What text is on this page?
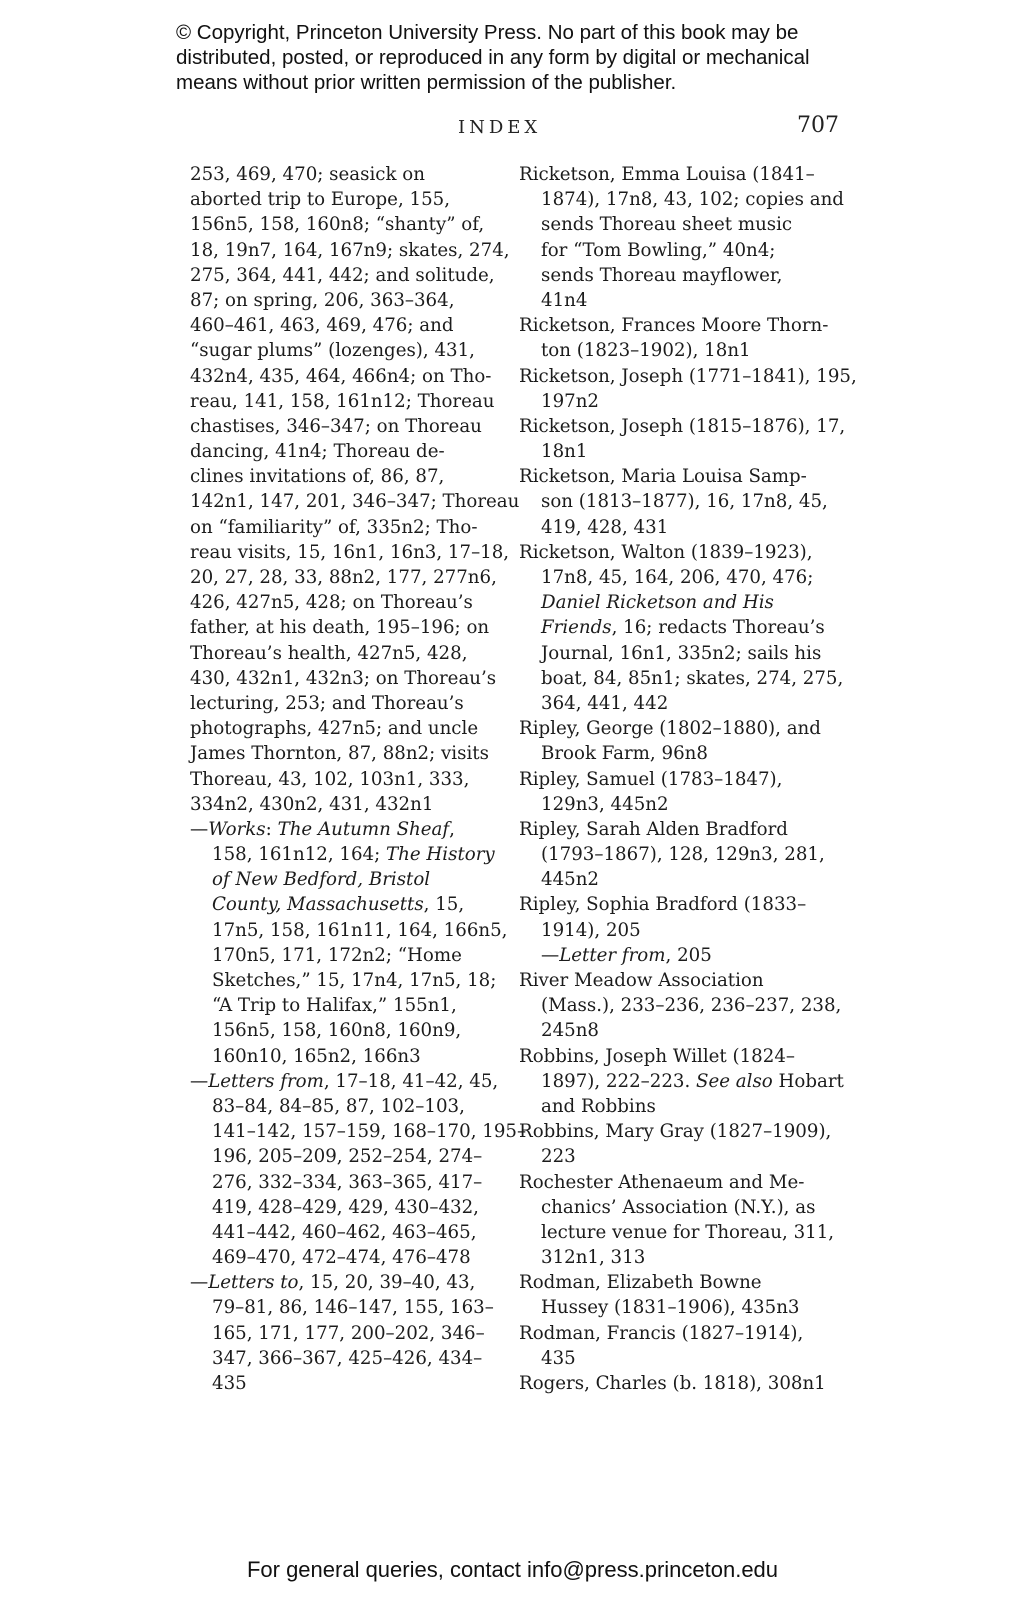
© Copyright, Princeton University Press. No part of this book may be
distributed, posted, or reproduced in any form by digital or mechanical
means without prior written permission of the publisher.
INDEX	707
253, 469, 470; seasick on
aborted trip to Europe, 155,
156n5, 158, 160n8; “shanty” of,
18, 19n7, 164, 167n9; skates, 274,
275, 364, 441, 442; and solitude,
87; on spring, 206, 363–364,
460–461, 463, 469, 476; and
“sugar plums” (lozenges), 431,
432n4, 435, 464, 466n4; on Tho-
reau, 141, 158, 161n12; Thoreau
chastises, 346–347; on Thoreau
dancing, 41n4; Thoreau de-
clines invitations of, 86, 87,
142n1, 147, 201, 346–347; Thoreau
on “familiarity” of, 335n2; Tho-
reau visits, 15, 16n1, 16n3, 17–18,
20, 27, 28, 33, 88n2, 177, 277n6,
426, 427n5, 428; on Thoreau’s
father, at his death, 195–196; on
Thoreau’s health, 427n5, 428,
430, 432n1, 432n3; on Thoreau’s
lecturing, 253; and Thoreau’s
photographs, 427n5; and uncle
James Thornton, 87, 88n2; visits
Thoreau, 43, 102, 103n1, 333,
334n2, 430n2, 431, 432n1
—Works: The Autumn Sheaf,
158, 161n12, 164; The History
of New Bedford, Bristol
County, Massachusetts, 15,
17n5, 158, 161n11, 164, 166n5,
170n5, 171, 172n2; “Home
Sketches,” 15, 17n4, 17n5, 18;
“A Trip to Halifax,” 155n1,
156n5, 158, 160n8, 160n9,
160n10, 165n2, 166n3
—Letters from, 17–18, 41–42, 45,
83–84, 84–85, 87, 102–103,
141–142, 157–159, 168–170, 195–
196, 205–209, 252–254, 274–
276, 332–334, 363–365, 417–
419, 428–429, 429, 430–432,
441–442, 460–462, 463–465,
469–470, 472–474, 476–478
—Letters to, 15, 20, 39–40, 43,
79–81, 86, 146–147, 155, 163–
165, 171, 177, 200–202, 346–
347, 366–367, 425–426, 434–
435
Ricketson, Emma Louisa (1841–
1874), 17n8, 43, 102; copies and
sends Thoreau sheet music
for “Tom Bowling,” 40n4;
sends Thoreau mayflower,
41n4
Ricketson, Frances Moore Thorn-
ton (1823–1902), 18n1
Ricketson, Joseph (1771–1841), 195,
197n2
Ricketson, Joseph (1815–1876), 17,
18n1
Ricketson, Maria Louisa Samp-
son (1813–1877), 16, 17n8, 45,
419, 428, 431
Ricketson, Walton (1839–1923),
17n8, 45, 164, 206, 470, 476;
Daniel Ricketson and His
Friends, 16; redacts Thoreau’s
Journal, 16n1, 335n2; sails his
boat, 84, 85n1; skates, 274, 275,
364, 441, 442
Ripley, George (1802–1880), and
Brook Farm, 96n8
Ripley, Samuel (1783–1847),
129n3, 445n2
Ripley, Sarah Alden Bradford
(1793–1867), 128, 129n3, 281,
445n2
Ripley, Sophia Bradford (1833–
1914), 205
—Letter from, 205
River Meadow Association
(Mass.), 233–236, 236–237, 238,
245n8
Robbins, Joseph Willet (1824–
1897), 222–223. See also Hobart
and Robbins
Robbins, Mary Gray (1827–1909),
223
Rochester Athenaeum and Me-
chanics’ Association (N.Y.), as
lecture venue for Thoreau, 311,
312n1, 313
Rodman, Elizabeth Bowne
Hussey (1831–1906), 435n3
Rodman, Francis (1827–1914),
435
Rogers, Charles (b. 1818), 308n1
For general queries, contact info@press.princeton.edu
